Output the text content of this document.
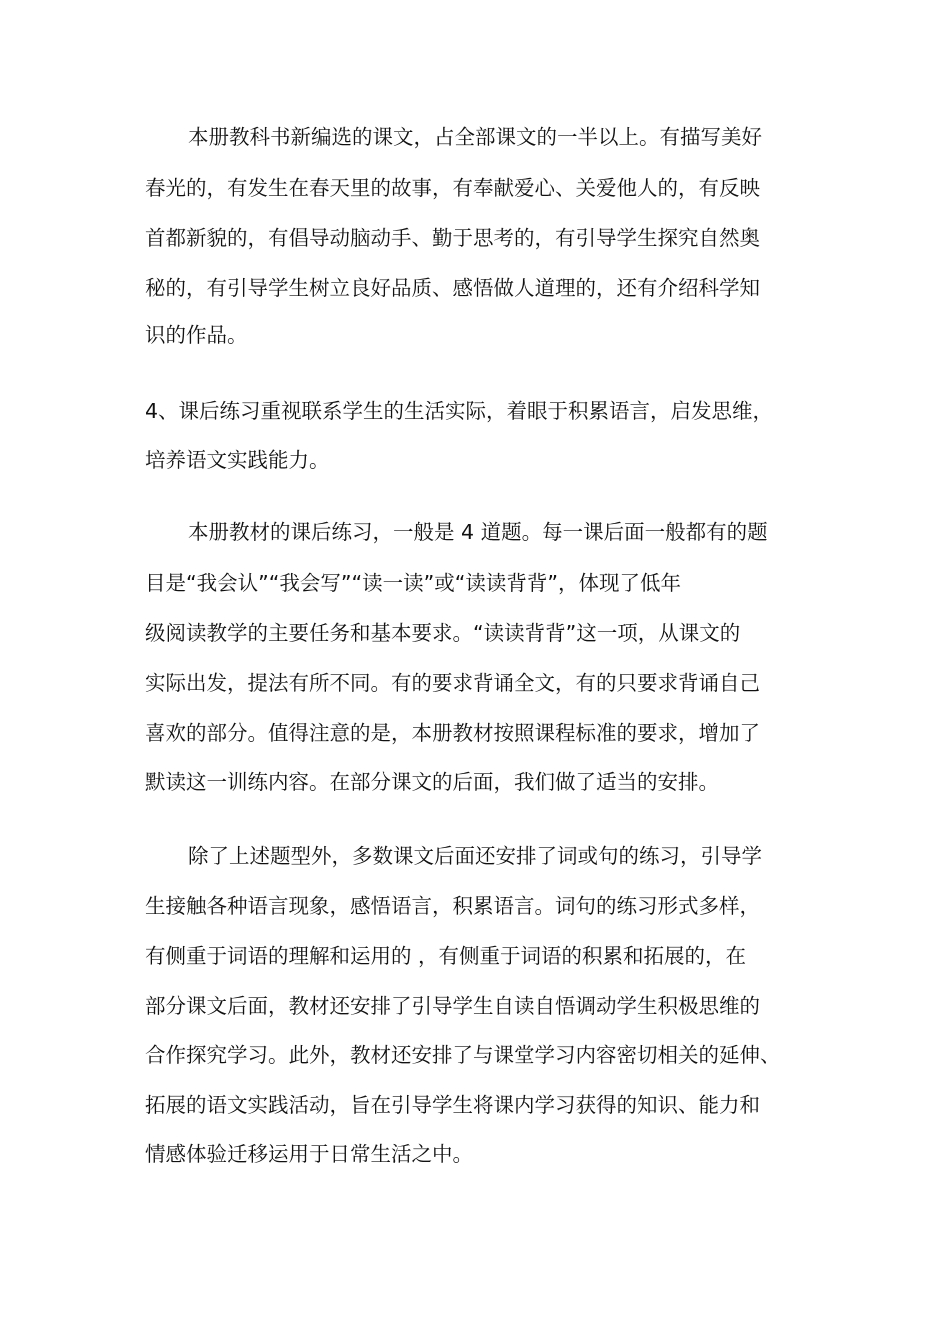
本册教科书新编选的课文，占全部课文的一半以上。有描写美好

春光的，有发生在春天里的故事，有奉献爱心、关爱他人的，有反映

首都新貌的，有倡导动脑动手、勤于思考的，有引导学生探究自然奥

秘的，有引导学生树立良好品质、感悟做人道理的，还有介绍科学知

识的作品。

4、课后练习重视联系学生的生活实际，着眼于积累语言，启发思维，

培养语文实践能力。

本册教材的课后练习，一般是 4 道题。每一课后面一般都有的题

目是“我会认”“我会写”“读一读”或“读读背背”，体现了低年

级阅读教学的主要任务和基本要求。“读读背背”这一项，从课文的

实际出发，提法有所不同。有的要求背诵全文，有的只要求背诵自己

喜欢的部分。值得注意的是，本册教材按照课程标准的要求，增加了

默读这一训练内容。在部分课文的后面，我们做了适当的安排。

除了上述题型外，多数课文后面还安排了词或句的练习，引导学

生接触各种语言现象，感悟语言，积累语言。词句的练习形式多样，

有侧重于词语的理解和运用的 ，有侧重于词语的积累和拓展的，在

部分课文后面，教材还安排了引导学生自读自悟调动学生积极思维的

合作探究学习。此外，教材还安排了与课堂学习内容密切相关的延伸、

拓展的语文实践活动，旨在引导学生将课内学习获得的知识、能力和

情感体验迁移运用于日常生活之中。
